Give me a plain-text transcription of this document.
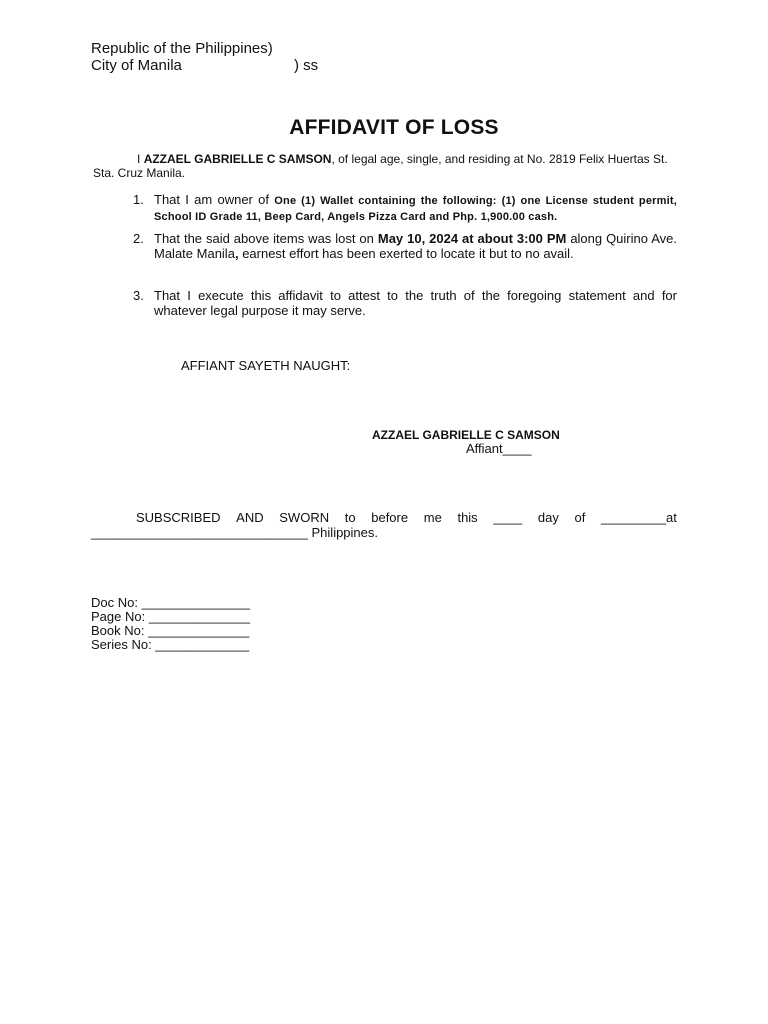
Republic of the Philippines)
City of Manila	) ss
AFFIDAVIT OF LOSS
I AZZAEL GABRIELLE C SAMSON, of legal age, single, and residing at No. 2819 Felix Huertas St. Sta. Cruz Manila.
1. That I am owner of One (1) Wallet containing the following: (1) one License student permit, School ID Grade 11, Beep Card, Angels Pizza Card and Php. 1,900.00 cash.
2. That the said above items was lost on May 10, 2024 at about 3:00 PM along Quirino Ave. Malate Manila, earnest effort has been exerted to locate it but to no avail.
3. That I execute this affidavit to attest to the truth of the foregoing statement and for whatever legal purpose it may serve.
AFFIANT SAYETH NAUGHT:
AZZAEL GABRIELLE C SAMSON
Affiant____
SUBSCRIBED AND SWORN to before me this ____ day of _________at
______________________________ Philippines.
Doc No: _______________
Page No: ______________
Book No: ______________
Series No: _____________
